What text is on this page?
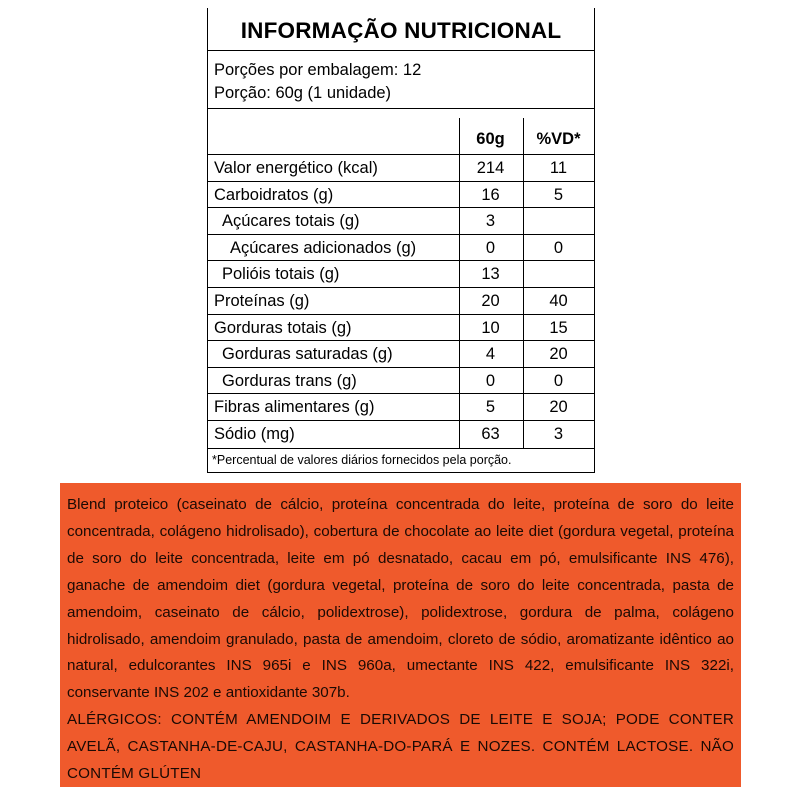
INFORMAÇÃO NUTRICIONAL
Porções por embalagem: 12
Porção: 60g (1 unidade)
60g	%VD*
Valor energético (kcal)	214	11
Carboidratos (g)	16	5
Açúcares totais (g)	3
Açúcares adicionados (g)	0	0
Polióis totais (g)	13
Proteínas (g)	20	40
Gorduras totais (g)	10	15
Gorduras saturadas (g)	4	20
Gorduras trans (g)	0	0
Fibras alimentares (g)	5	20
Sódio (mg)	63	3
*Percentual de valores diários fornecidos pela porção.

Blend proteico (caseinato de cálcio, proteína concentrada do leite, proteína de soro do leite concentrada, colágeno hidrolisado), cobertura de chocolate ao leite diet (gordura vegetal, proteína de soro do leite concentrada, leite em pó desnatado, cacau em pó, emulsificante INS 476), ganache de amendoim diet (gordura vegetal, proteína de soro do leite concentrada, pasta de amendoim, caseinato de cálcio, polidextrose), polidextrose, gordura de palma, colágeno hidrolisado, amendoim granulado, pasta de amendoim, cloreto de sódio, aromatizante idêntico ao natural, edulcorantes INS 965i e INS 960a, umectante INS 422, emulsificante INS 322i, conservante INS 202 e antioxidante 307b.

ALÉRGICOS: CONTÉM AMENDOIM E DERIVADOS DE LEITE E SOJA; PODE CONTER AVELÃ, CASTANHA-DE-CAJU, CASTANHA-DO-PARÁ E NOZES. CONTÉM LACTOSE. NÃO CONTÉM GLÚTEN
